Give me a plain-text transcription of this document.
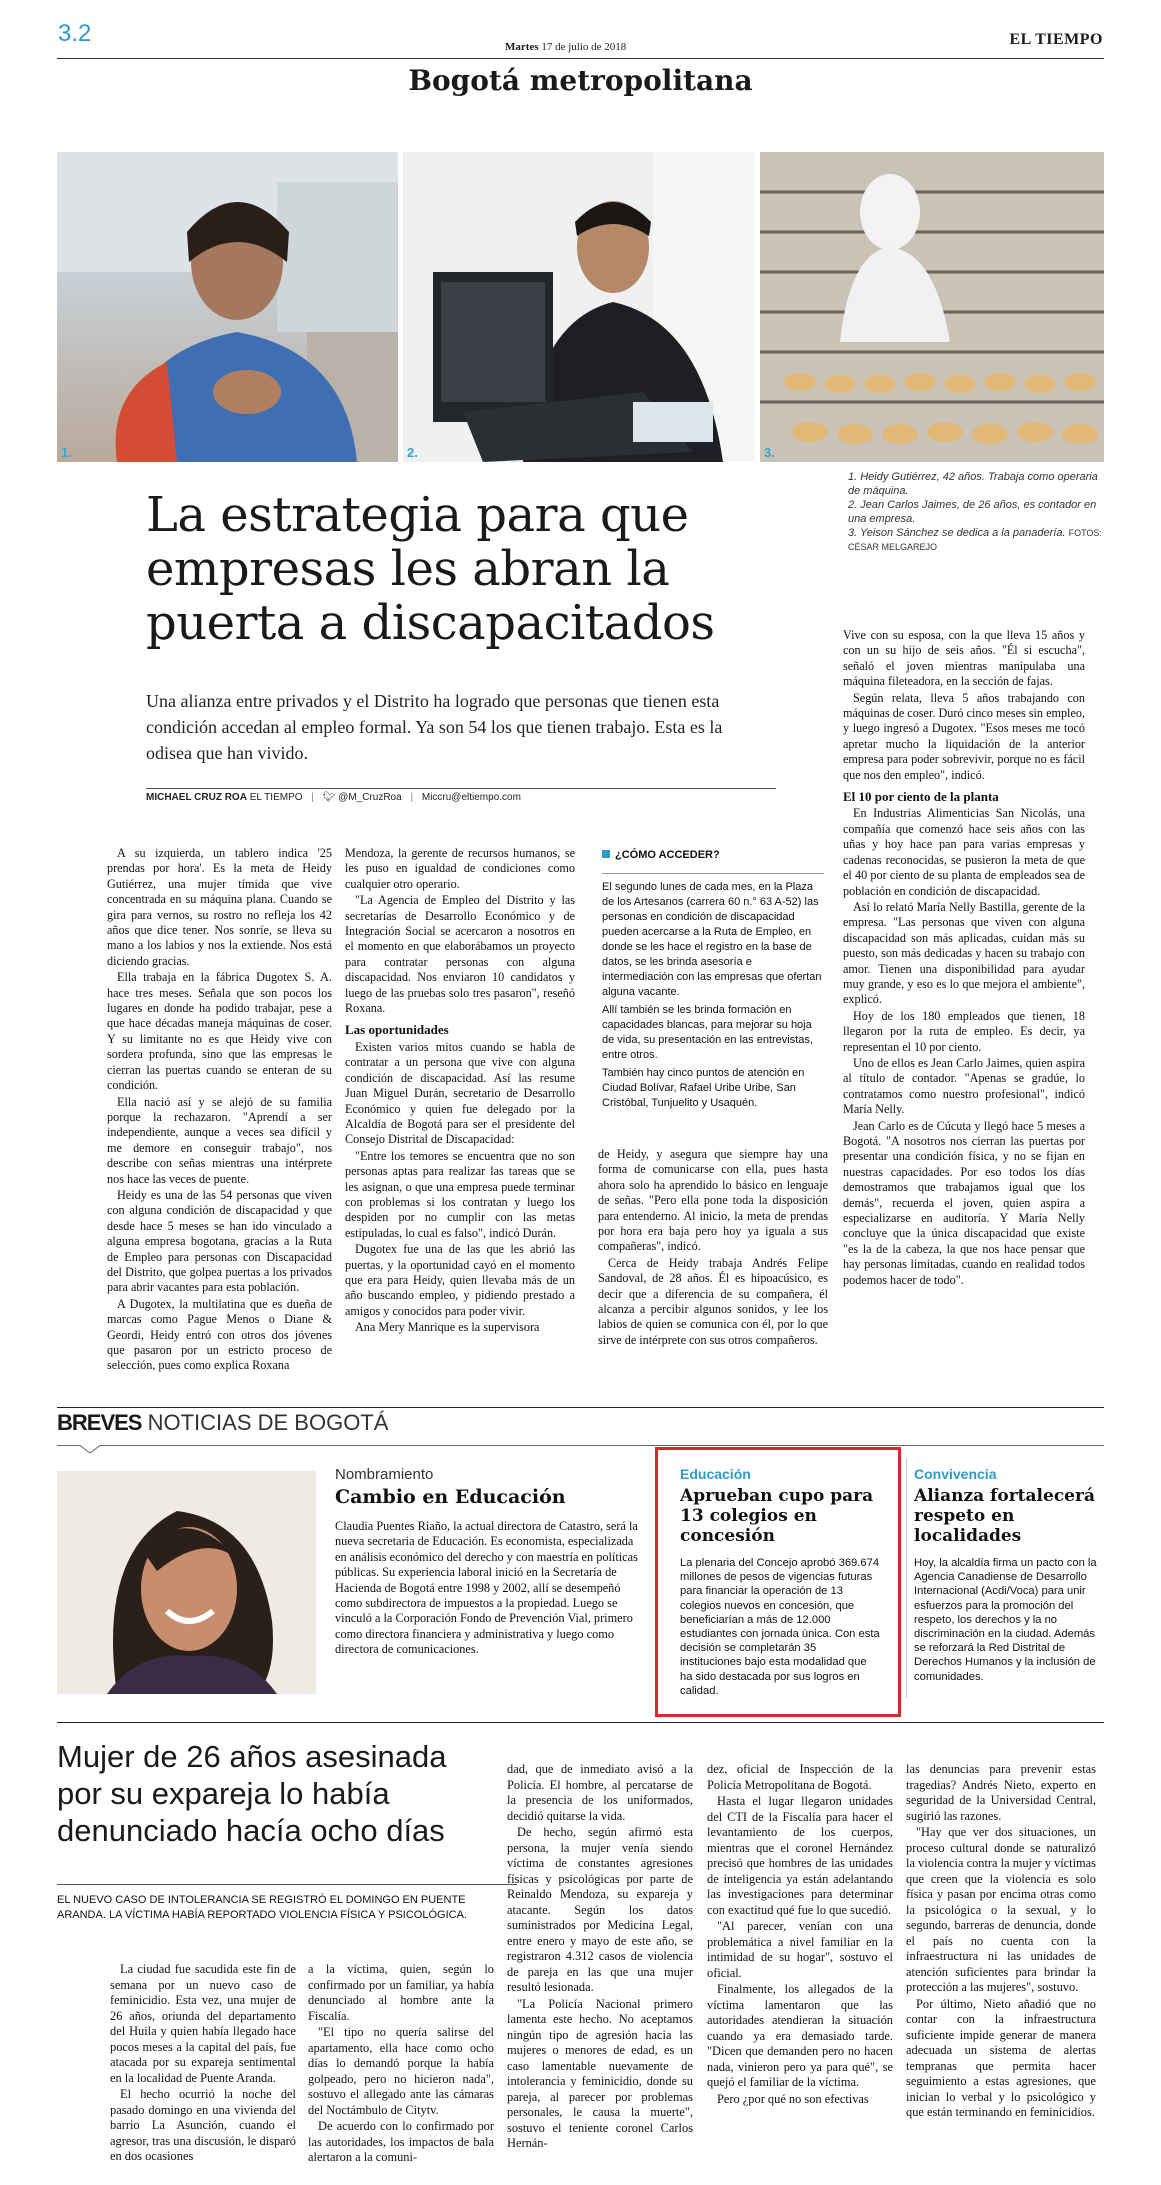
3.2	Martes 17 de julio de 2018	EL TIEMPO
Bogotá metropolitana
1.	2.	3.
1. Heidy Gutiérrez, 42 años. Trabaja como operaria de máquina.
2. Jean Carlos Jaimes, de 26 años, es contador en una empresa.
3. Yeison Sánchez se dedica a la panadería. FOTOS: CÉSAR MELGAREJO
La estrategia para que empresas les abran la puerta a discapacitados
Una alianza entre privados y el Distrito ha logrado que personas que tienen esta condición accedan al empleo formal. Ya son 54 los que tienen trabajo. Esta es la odisea que han vivido.
MICHAEL CRUZ ROA EL TIEMPO | 🐦︎ @M_CruzRoa | Miccru@eltiempo.com

A su izquierda, un tablero indica '25 prendas por hora'. Es la meta de Heidy Gutiérrez, una mujer tímida que vive concentrada en su máquina plana. Cuando se gira para vernos, su rostro no refleja los 42 años que dice tener. Nos sonríe, se lleva su mano a los labios y nos la extiende. Nos está diciendo gracias.

Ella trabaja en la fábrica Dugotex S. A. hace tres meses. Señala que son pocos los lugares en donde ha podido trabajar, pese a que hace décadas maneja máquinas de coser. Y su limitante no es que Heidy vive con sordera profunda, sino que las empresas le cierran las puertas cuando se enteran de su condición.

Ella nació así y se alejó de su familia porque la rechazaron. "Aprendí a ser independiente, aunque a veces sea difícil y me demore en conseguir trabajo", nos describe con señas mientras una intérprete nos hace las veces de puente.

Heidy es una de las 54 personas que viven con alguna condición de discapacidad y que desde hace 5 meses se han ido vinculado a alguna empresa bogotana, gracias a la Ruta de Empleo para personas con Discapacidad del Distrito, que golpea puertas a los privados para abrir vacantes para esta población.

A Dugotex, la multilatina que es dueña de marcas como Pague Menos o Diane & Geordi, Heidy entró con otros dos jóvenes que pasaron por un estricto proceso de selección, pues como explica Roxana

Mendoza, la gerente de recursos humanos, se les puso en igualdad de condiciones como cualquier otro operario.

"La Agencia de Empleo del Distrito y las secretarías de Desarrollo Económico y de Integración Social se acercaron a nosotros en el momento en que elaborábamos un proyecto para contratar personas con alguna discapacidad. Nos enviaron 10 candidatos y luego de las pruebas solo tres pasaron", reseñó Roxana.

Las oportunidades

Existen varios mitos cuando se habla de contratar a un persona que vive con alguna condición de discapacidad. Así las resume Juan Miguel Durán, secretario de Desarrollo Económico y quien fue delegado por la Alcaldía de Bogotá para ser el presidente del Consejo Distrital de Discapacidad:

"Entre los temores se encuentra que no son personas aptas para realizar las tareas que se les asignan, o que una empresa puede terminar con problemas si los contratan y luego los despiden por no cumplir con las metas estipuladas, lo cual es falso", indicó Durán.

Dugotex fue una de las que les abrió las puertas, y la oportunidad cayó en el momento que era para Heidy, quien llevaba más de un año buscando empleo, y pidiendo prestado a amigos y conocidos para poder vivir.

Ana Mery Manrique es la supervisora

¿CÓMO ACCEDER?

El segundo lunes de cada mes, en la Plaza de los Artesanos (carrera 60 n.° 63 A-52) las personas en condición de discapacidad pueden acercarse a la Ruta de Empleo, en donde se les hace el registro en la base de datos, se les brinda asesoría e intermediación con las empresas que ofertan alguna vacante.

Allí también se les brinda formación en capacidades blancas, para mejorar su hoja de vida, su presentación en las entrevistas, entre otros.

También hay cinco puntos de atención en Ciudad Bolívar, Rafael Uribe Uribe, San Cristóbal, Tunjuelito y Usaquén.

de Heidy, y asegura que siempre hay una forma de comunicarse con ella, pues hasta ahora solo ha aprendido lo básico en lenguaje de señas. "Pero ella pone toda la disposición para entenderno. Al inicio, la meta de prendas por hora era baja pero hoy ya iguala a sus compañeras", indicó.

Cerca de Heidy trabaja Andrés Felipe Sandoval, de 28 años. Él es hipoacúsico, es decir que a diferencia de su compañera, él alcanza a percibir algunos sonidos, y lee los labios de quien se comunica con él, por lo que sirve de intérprete con sus otros compañeros.

Vive con su esposa, con la que lleva 15 años y con un su hijo de seis años. "Él si escucha", señaló el joven mientras manipulaba una máquina fileteadora, en la sección de fajas.

Según relata, lleva 5 años trabajando con máquinas de coser. Duró cinco meses sin empleo, y luego ingresó a Dugotex. "Esos meses me tocó apretar mucho la liquidación de la anterior empresa para poder sobrevivir, porque no es fácil que nos den empleo", indicó.

El 10 por ciento de la planta

En Industrias Alimenticias San Nicolás, una compañía que comenzó hace seis años con las uñas y hoy hace pan para varias empresas y cadenas reconocidas, se pusieron la meta de que el 40 por ciento de su planta de empleados sea de población en condición de discapacidad.

Así lo relató María Nelly Bastilla, gerente de la empresa. "Las personas que viven con alguna discapacidad son más aplicadas, cuidan más su puesto, son más dedicadas y hacen su trabajo con amor. Tienen una disponibilidad para ayudar muy grande, y eso es lo que mejora el ambiente", explicó.

Hoy de los 180 empleados que tienen, 18 llegaron por la ruta de empleo. Es decir, ya representan el 10 por ciento.

Uno de ellos es Jean Carlo Jaimes, quien aspira al título de contador. "Apenas se gradúe, lo contratamos como nuestro profesional", indicó María Nelly.

Jean Carlo es de Cúcuta y llegó hace 5 meses a Bogotá. "A nosotros nos cierran las puertas por presentar una condición física, y no se fijan en nuestras capacidades. Por eso todos los días demostramos que trabajamos igual que los demás", recuerda el joven, quien aspira a especializarse en auditoría. Y María Nelly concluye que la única discapacidad que existe "es la de la cabeza, la que nos hace pensar que hay personas limitadas, cuando en realidad todos podemos hacer de todo".

BREVES NOTICIAS DE BOGOTÁ
Nombramiento
Cambio en Educación
Claudia Puentes Riaño, la actual directora de Catastro, será la nueva secretaria de Educación. Es economista, especializada en análisis económico del derecho y con maestría en políticas públicas. Su experiencia laboral inició en la Secretaría de Hacienda de Bogotá entre 1998 y 2002, allí se desempeñó como subdirectora de impuestos a la propiedad. Luego se vinculó a la Corporación Fondo de Prevención Vial, primero como directora financiera y administrativa y luego como directora de comunicaciones.
Educación
Aprueban cupo para 13 colegios en concesión
La plenaria del Concejo aprobó 369.674 millones de pesos de vigencias futuras para financiar la operación de 13 colegios nuevos en concesión, que beneficiarían a más de 12.000 estudiantes con jornada única. Con esta decisión se completarán 35 instituciones bajo esta modalidad que ha sido destacada por sus logros en calidad.
Convivencia
Alianza fortalecerá respeto en localidades
Hoy, la alcaldía firma un pacto con la Agencia Canadiense de Desarrollo Internacional (Acdi/Voca) para unir esfuerzos para la promoción del respeto, los derechos y la no discriminación en la ciudad. Además se reforzará la Red Distrital de Derechos Humanos y la inclusión de comunidades.
Mujer de 26 años asesinada por su expareja lo había denunciado hacía ocho días
EL NUEVO CASO DE INTOLERANCIA SE REGISTRÓ EL DOMINGO EN PUENTE ARANDA. LA VÍCTIMA HABÍA REPORTADO VIOLENCIA FÍSICA Y PSICOLÓGICA.

La ciudad fue sacudida este fin de semana por un nuevo caso de feminicidio. Esta vez, una mujer de 26 años, oriunda del departamento del Huila y quien había llegado hace pocos meses a la capital del país, fue atacada por su expareja sentimental en la localidad de Puente Aranda.

El hecho ocurrió la noche del pasado domingo en una vivienda del barrio La Asunción, cuando el agresor, tras una discusión, le disparó en dos ocasiones

a la víctima, quien, según lo confirmado por un familiar, ya había denunciado al hombre ante la Fiscalía.

"El tipo no quería salirse del apartamento, ella hace como ocho días lo demandó porque la había golpeado, pero no hicieron nada", sostuvo el allegado ante las cámaras del Noctámbulo de Citytv.

De acuerdo con lo confirmado por las autoridades, los impactos de bala alertaron a la comuni-

dad, que de inmediato avisó a la Policía. El hombre, al percatarse de la presencia de los uniformados, decidió quitarse la vida.

De hecho, según afirmó esta persona, la mujer venía siendo víctima de constantes agresiones físicas y psicológicas por parte de Reinaldo Mendoza, su expareja y atacante. Según los datos suministrados por Medicina Legal, entre enero y mayo de este año, se registraron 4.312 casos de violencia de pareja en las que una mujer resultó lesionada.

"La Policía Nacional primero lamenta este hecho. No aceptamos ningún tipo de agresión hacia las mujeres o menores de edad, es un caso lamentable nuevamente de intolerancia y feminicidio, donde su pareja, al parecer por problemas personales, le causa la muerte", sostuvo el teniente coronel Carlos Hernán-

dez, oficial de Inspección de la Policía Metropolitana de Bogotá.

Hasta el lugar llegaron unidades del CTI de la Fiscalía para hacer el levantamiento de los cuerpos, mientras que el coronel Hernández precisó que hombres de las unidades de inteligencia ya están adelantando las investigaciones para determinar con exactitud qué fue lo que sucedió.

"Al parecer, venían con una problemática a nivel familiar en la intimidad de su hogar", sostuvo el oficial.

Finalmente, los allegados de la víctima lamentaron que las autoridades atendieran la situación cuando ya era demasiado tarde. "Dicen que demanden pero no hacen nada, vinieron pero ya para qué", se quejó el familiar de la víctima.

Pero ¿por qué no son efectivas

las denuncias para prevenir estas tragedias? Andrés Nieto, experto en seguridad de la Universidad Central, sugirió las razones.

"Hay que ver dos situaciones, un proceso cultural donde se naturalizó la violencia contra la mujer y víctimas que creen que la violencia es solo física y pasan por encima otras como la psicológica o la sexual, y lo segundo, barreras de denuncia, donde el país no cuenta con la infraestructura ni las unidades de atención suficientes para brindar la protección a las mujeres", sostuvo.

Por último, Nieto añadió que no contar con la infraestructura suficiente impide generar de manera adecuada un sistema de alertas tempranas que permita hacer seguimiento a estas agresiones, que inician lo verbal y lo psicológico y que están terminando en feminicidios.
